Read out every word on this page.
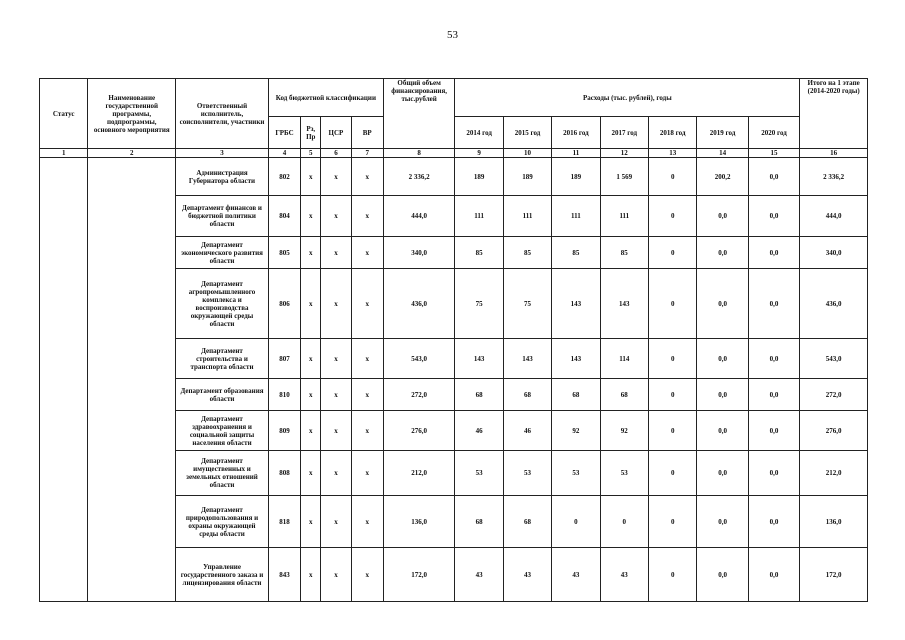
53
Статус	Наименование государственной программы, подпрограммы, основного мероприятия	Ответственный исполнитель, соисполнители, участники	Код бюджетной классификации				Общий объем финансирования, тыс.рублей	Расходы (тыс. рублей), годы							Итого на 1 этапе (2014-2020 годы)
			ГРБС	Рз, Пр	ЦСР	ВР		2014 год	2015 год	2016 год	2017 год	2018 год	2019 год	2020 год	
1	2	3	4	5	6	7	8	9	10	11	12	13	14	15	16
		Администрация Губернатора области	802	x	x	x	2 336,2	189	189	189	1 569	0	200,2	0,0	2 336,2
		Департамент финансов и бюджетной политики области	804	x	x	x	444,0	111	111	111	111	0	0,0	0,0	444,0
		Департамент экономического развития области	805	x	x	x	340,0	85	85	85	85	0	0,0	0,0	340,0
		Департамент агропромышленного комплекса и воспроизводства окружающей среды области	806	x	x	x	436,0	75	75	143	143	0	0,0	0,0	436,0
		Департамент строительства и транспорта области	807	x	x	x	543,0	143	143	143	114	0	0,0	0,0	543,0
		Департамент образования области	810	x	x	x	272,0	68	68	68	68	0	0,0	0,0	272,0
		Департамент здравоохранения и социальной защиты населения области	809	x	x	x	276,0	46	46	92	92	0	0,0	0,0	276,0
		Департамент имущественных и земельных отношений области	808	x	x	x	212,0	53	53	53	53	0	0,0	0,0	212,0
		Департамент природопользования и охраны окружающей среды области	818	x	x	x	136,0	68	68	0	0	0	0,0	0,0	136,0
		Управление государственного заказа и лицензирования области	843	x	x	x	172,0	43	43	43	43	0	0,0	0,0	172,0
